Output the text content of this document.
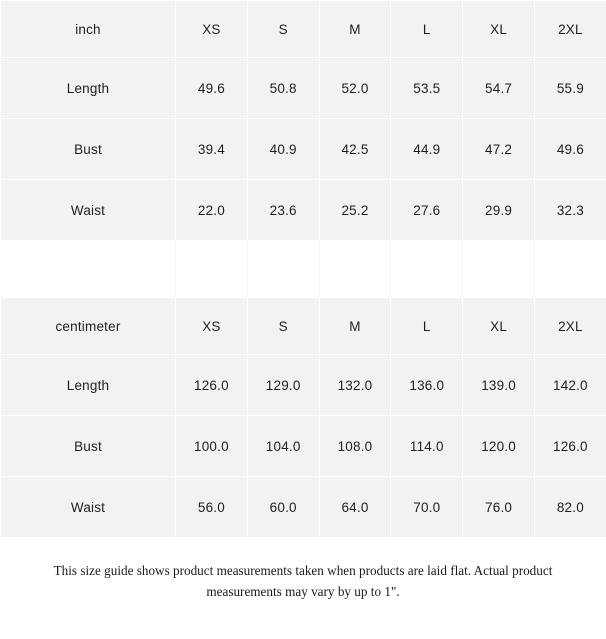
inch	XS	S	M	L	XL	2XL
Length	49.6	50.8	52.0	53.5	54.7	55.9
Bust	39.4	40.9	42.5	44.9	47.2	49.6
Waist	22.0	23.6	25.2	27.6	29.9	32.3
centimeter	XS	S	M	L	XL	2XL
Length	126.0	129.0	132.0	136.0	139.0	142.0
Bust	100.0	104.0	108.0	114.0	120.0	126.0
Waist	56.0	60.0	64.0	70.0	76.0	82.0
This size guide shows product measurements taken when products are laid flat. Actual product
measurements may vary by up to 1".
